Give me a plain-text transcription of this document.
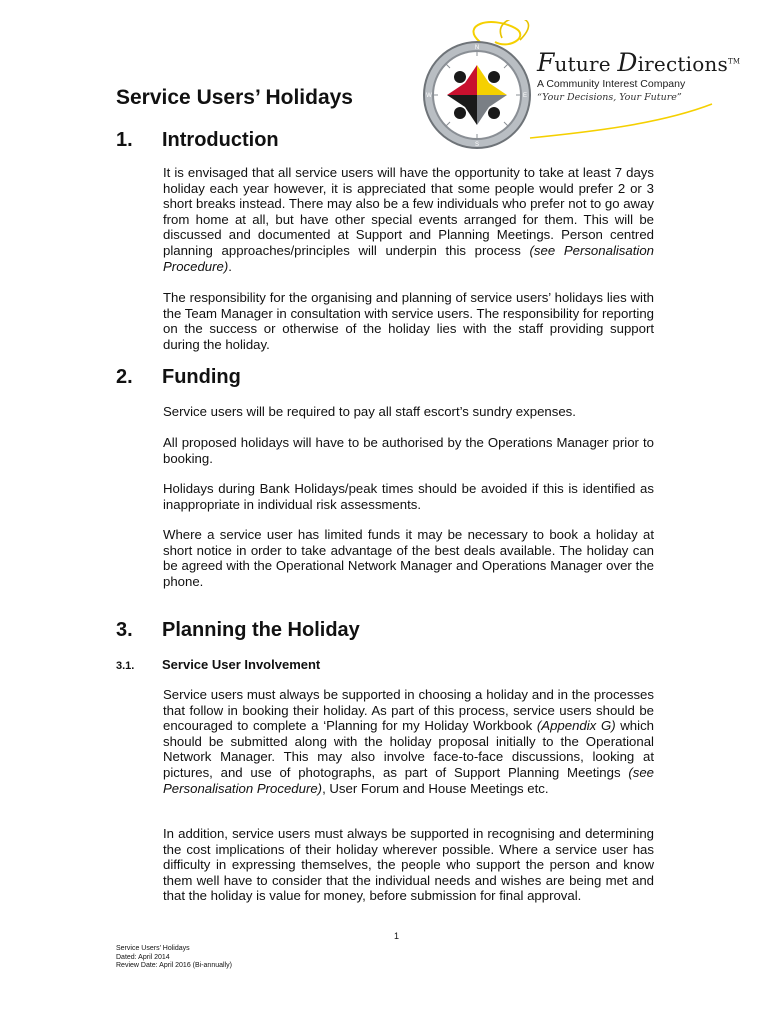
N
S
W	E
Future Directions™
A Community Interest Company
“Your Decisions, Your Future”
Service Users’ Holidays
1. Introduction

It is envisaged that all service users will have the opportunity to take at least 7 days holiday each year however, it is appreciated that some people would prefer 2 or 3 short breaks instead. There may also be a few individuals who prefer not to go away from home at all, but have other special events arranged for them. This will be discussed and documented at Support and Planning Meetings. Person centred planning approaches/principles will underpin this process (see Personalisation Procedure).

The responsibility for the organising and planning of service users’ holidays lies with the Team Manager in consultation with service users. The responsibility for reporting on the success or otherwise of the holiday lies with the staff providing support during the holiday.

2. Funding

Service users will be required to pay all staff escort’s sundry expenses.

All proposed holidays will have to be authorised by the Operations Manager prior to booking.

Holidays during Bank Holidays/peak times should be avoided if this is identified as inappropriate in individual risk assessments.

Where a service user has limited funds it may be necessary to book a holiday at short notice in order to take advantage of the best deals available. The holiday can be agreed with the Operational Network Manager and Operations Manager over the phone.

3. Planning the Holiday
3.1. Service User Involvement

Service users must always be supported in choosing a holiday and in the processes that follow in booking their holiday. As part of this process, service users should be encouraged to complete a ‘Planning for my Holiday Workbook (Appendix G) which should be submitted along with the holiday proposal initially to the Operational Network Manager. This may also involve face-to-face discussions, looking at pictures, and use of photographs, as part of Support Planning Meetings (see Personalisation Procedure), User Forum and House Meetings etc.

In addition, service users must always be supported in recognising and determining the cost implications of their holiday wherever possible. Where a service user has difficulty in expressing themselves, the people who support the person and know them well have to consider that the individual needs and wishes are being met and that the holiday is value for money, before submission for final approval.

1
Service Users’ Holidays
Dated: April 2014
Review Date: April 2016 (Bi-annually)
